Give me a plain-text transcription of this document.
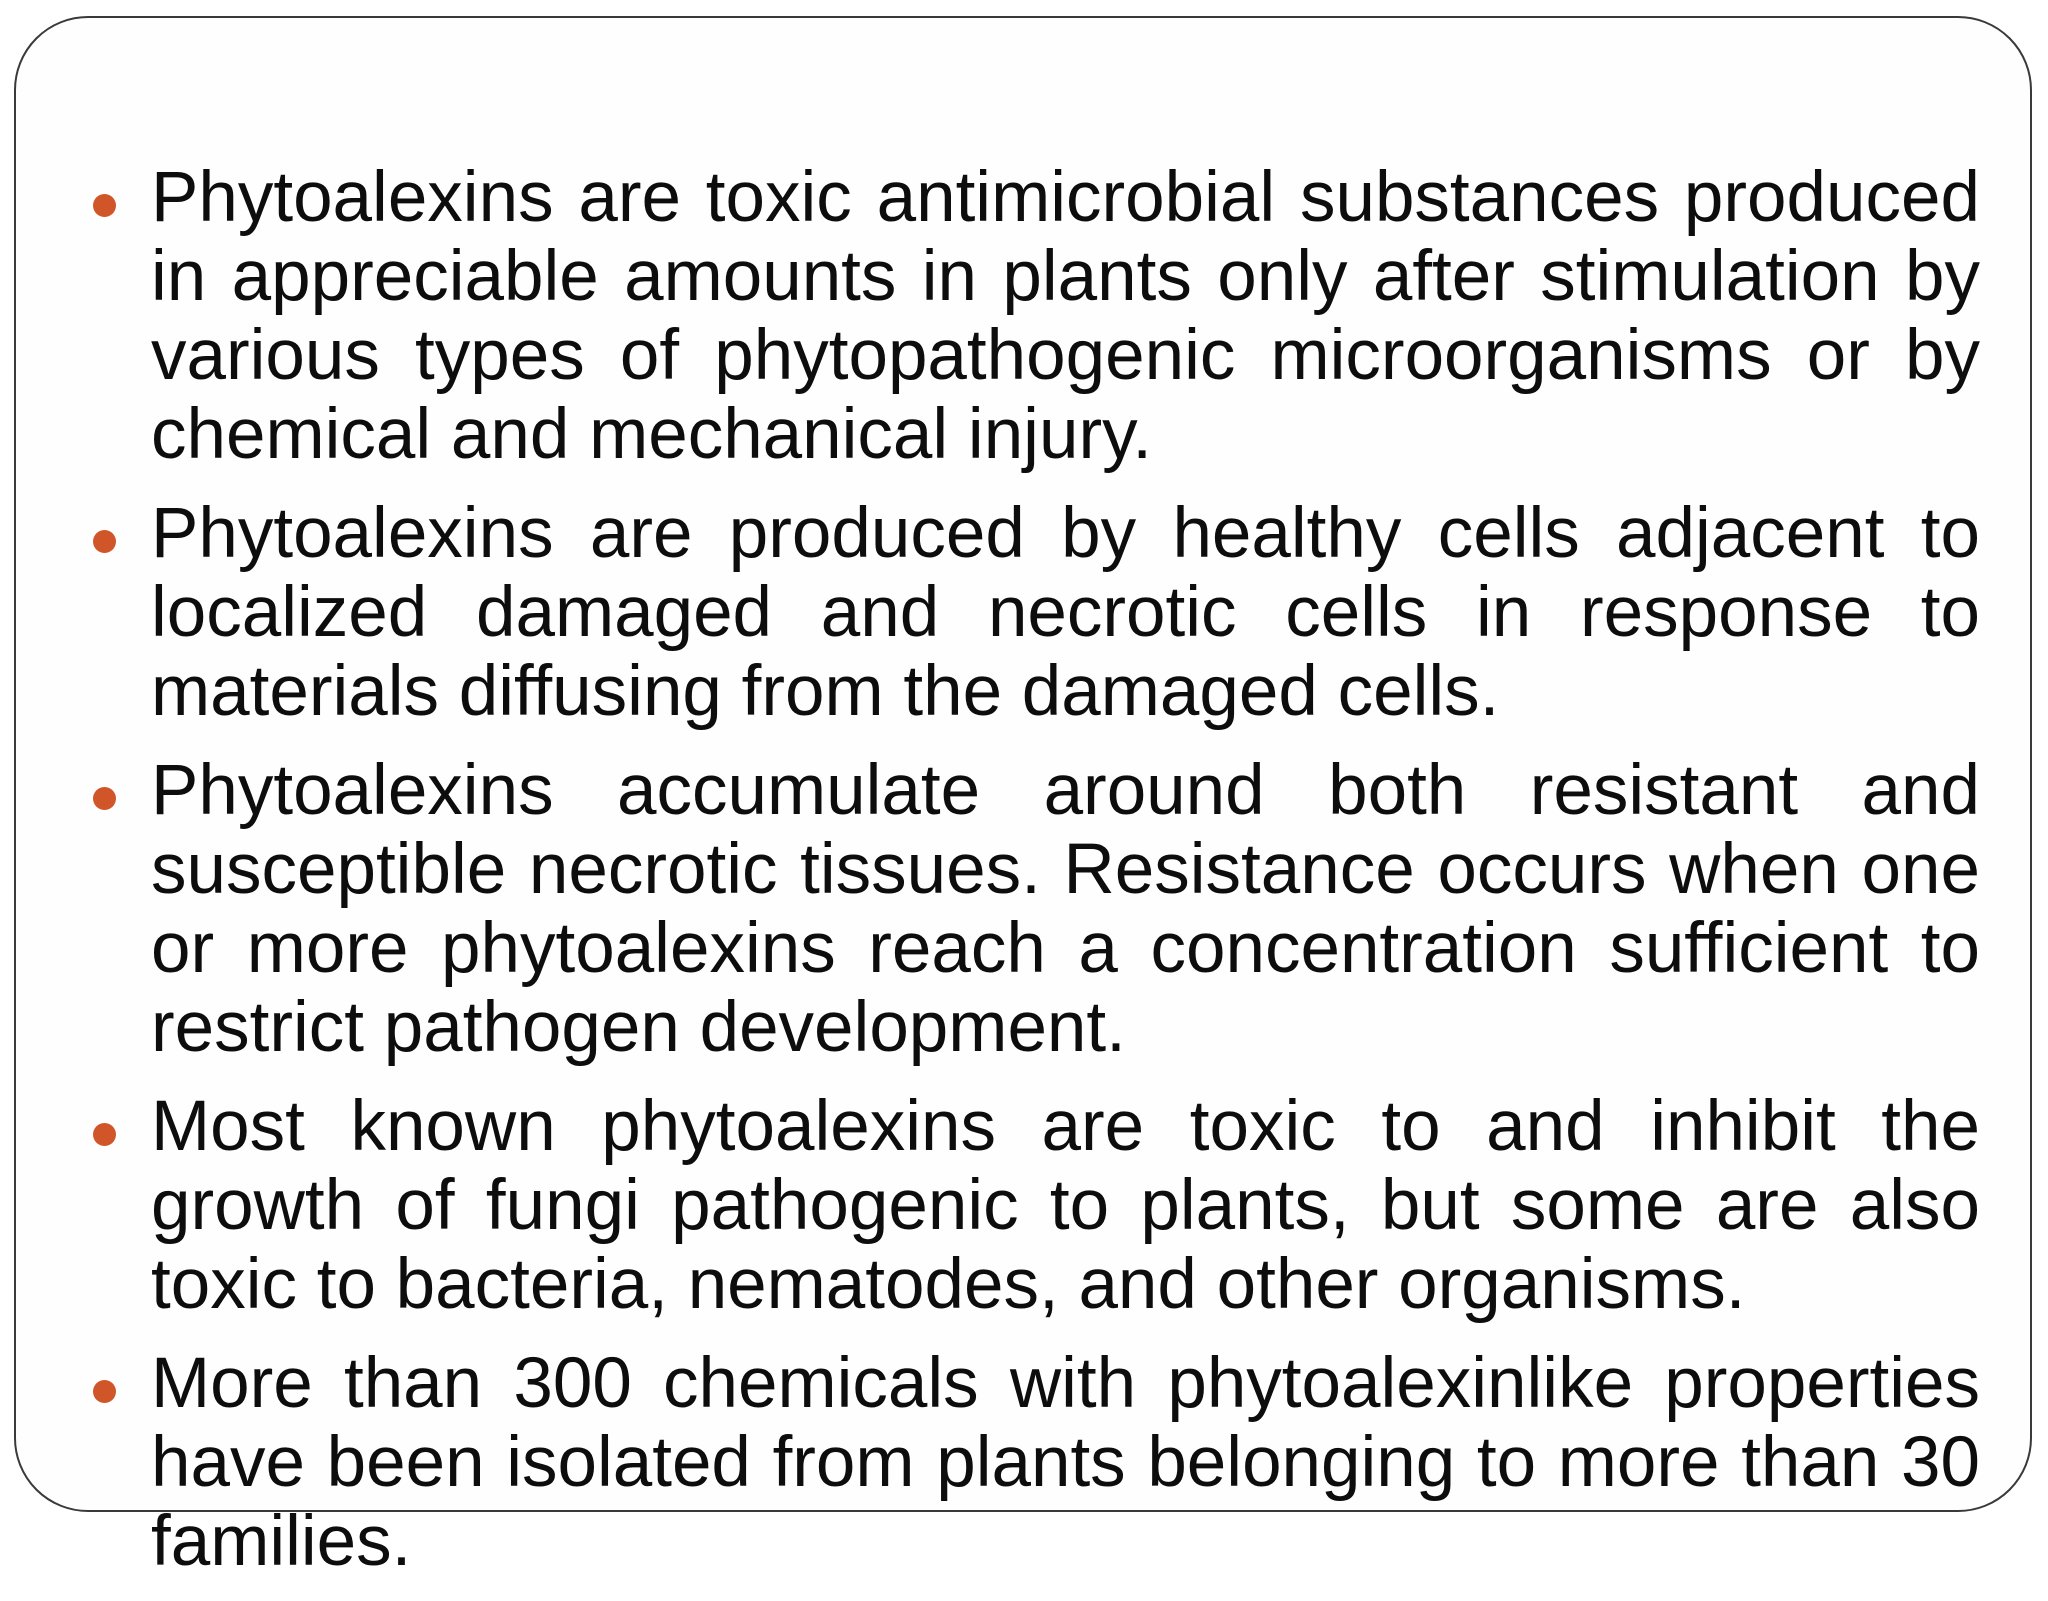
Phytoalexins are toxic antimicrobial substances produced in appreciable amounts in plants only after stimulation by various types of phytopathogenic microorganisms or by chemical and mechanical injury.
Phytoalexins are produced by healthy cells adjacent to localized damaged and necrotic cells in response to materials diffusing from the damaged cells.
Phytoalexins accumulate around both resistant and susceptible necrotic tissues. Resistance occurs when one or more phytoalexins reach a concentration sufficient to restrict pathogen development.
Most known phytoalexins are toxic to and inhibit the growth of fungi pathogenic to plants, but some are also toxic to bacteria, nematodes, and other organisms.
More than 300 chemicals with phytoalexinlike properties have been isolated from plants belonging to more than 30 families.
